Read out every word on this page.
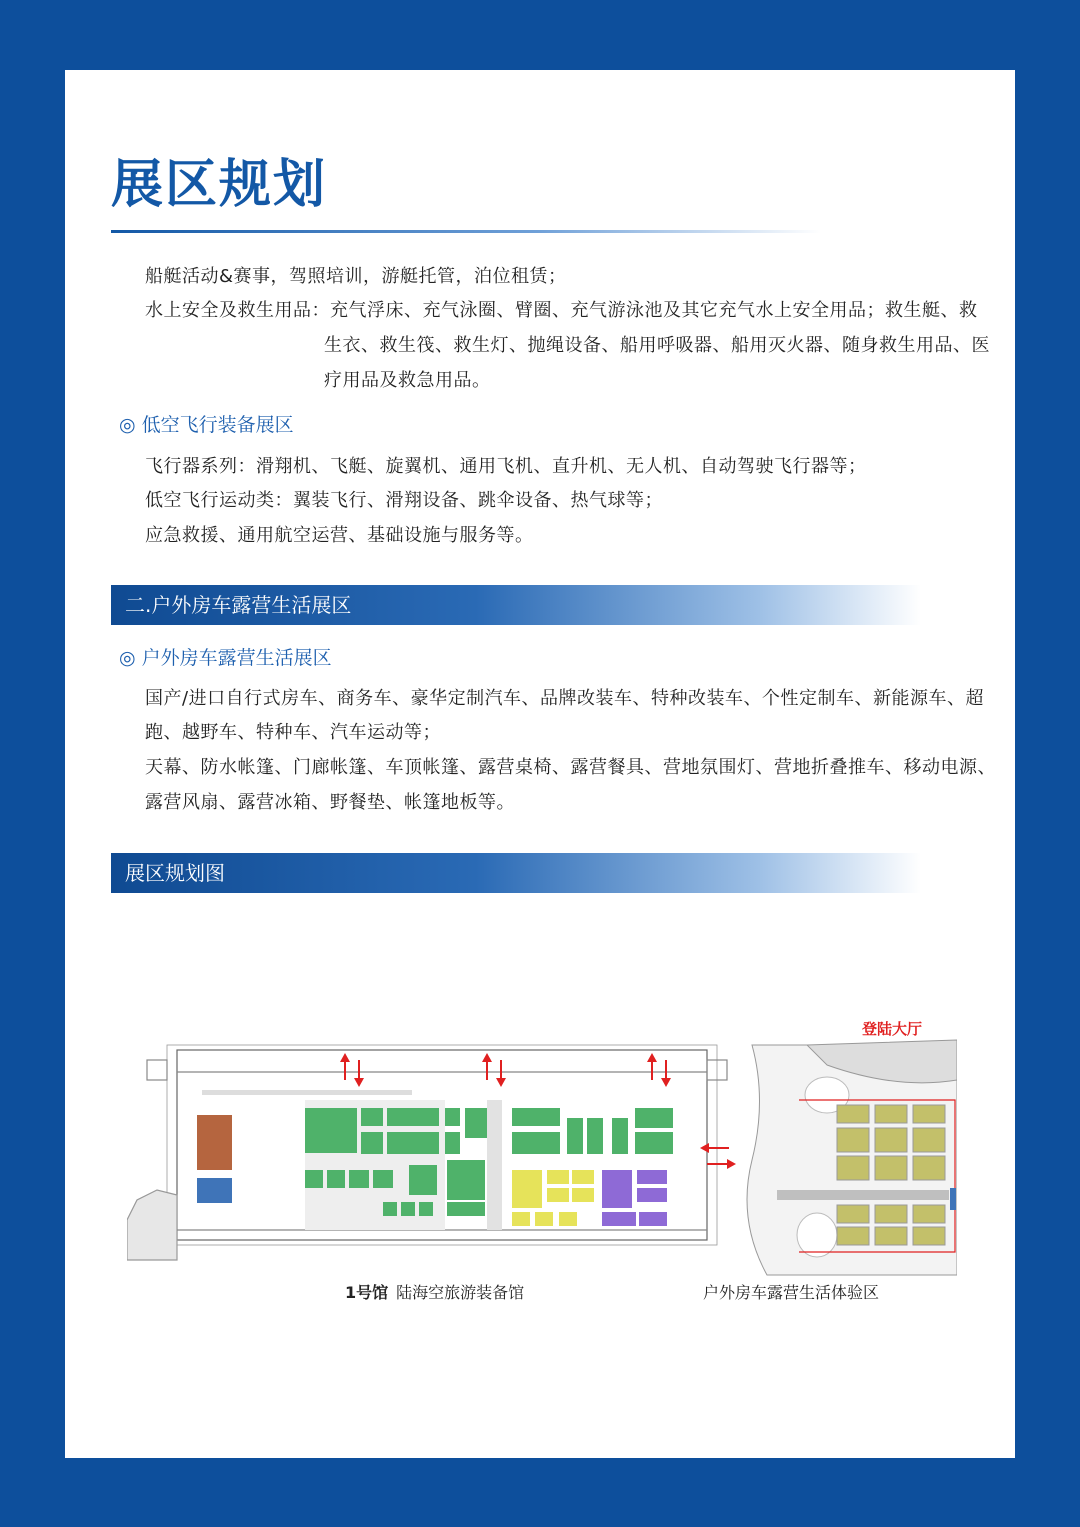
展区规划
船艇活动&赛事，驾照培训，游艇托管，泊位租赁；
水上安全及救生用品：充气浮床、充气泳圈、臂圈、充气游泳池及其它充气水上安全用品；救生艇、救
生衣、救生筏、救生灯、抛绳设备、船用呼吸器、船用灭火器、随身救生用品、医
疗用品及救急用品。
◎ 低空飞行装备展区
飞行器系列：滑翔机、飞艇、旋翼机、通用飞机、直升机、无人机、自动驾驶飞行器等；
低空飞行运动类：翼装飞行、滑翔设备、跳伞设备、热气球等；
应急救援、通用航空运营、基础设施与服务等。
二.户外房车露营生活展区
◎ 户外房车露营生活展区
国产/进口自行式房车、商务车、豪华定制汽车、品牌改装车、特种改装车、个性定制车、新能源车、超
跑、越野车、特种车、汽车运动等；
天幕、防水帐篷、门廊帐篷、车顶帐篷、露营桌椅、露营餐具、营地氛围灯、营地折叠推车、移动电源、
露营风扇、露营冰箱、野餐垫、帐篷地板等。
展区规划图
登陆大厅
1号馆 陆海空旅游装备馆	户外房车露营生活体验区
